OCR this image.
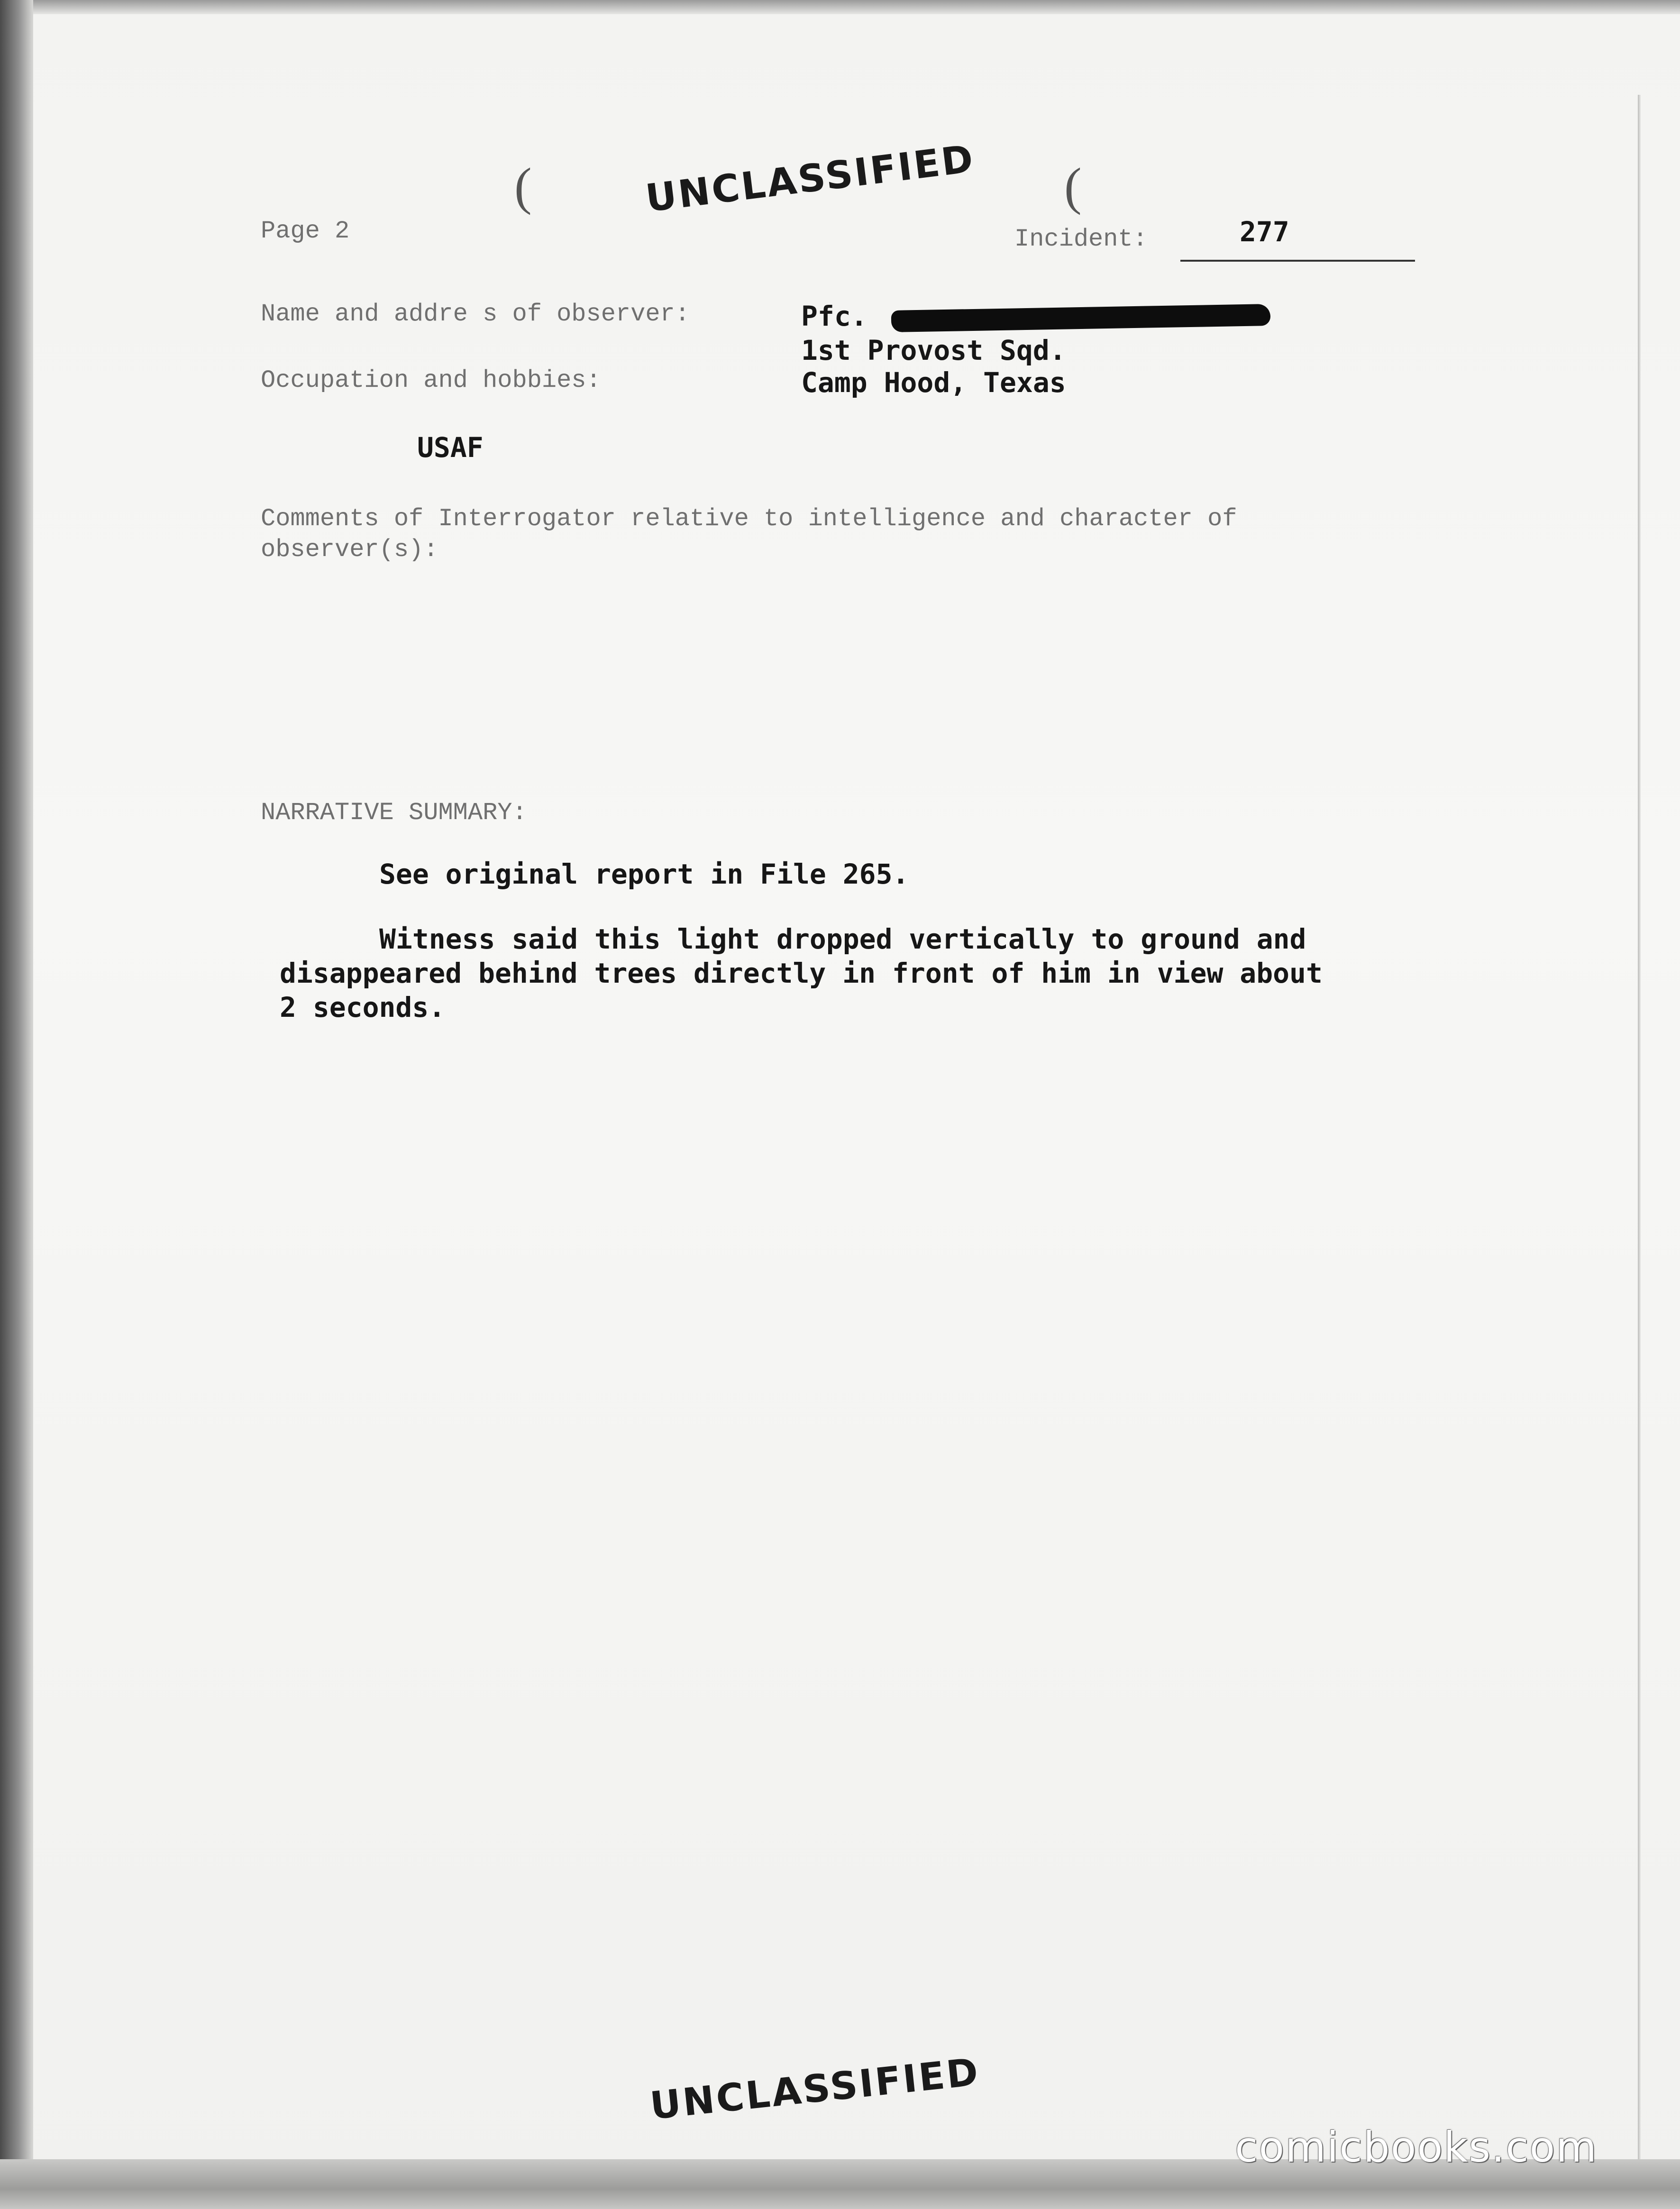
(	(
UNCLASSIFIED
Page 2	Incident:	277
Name and addre s of observer:	Pfc.
1st Provost Sqd.
Camp Hood, Texas
Occupation and hobbies:
USAF
Comments of Interrogator relative to intelligence and character of
observer(s):
NARRATIVE SUMMARY:
See original report in File 265.
Witness said this light dropped vertically to ground and
disappeared behind trees directly in front of him in view about
2 seconds.
UNCLASSIFIED
comicbooks.com
